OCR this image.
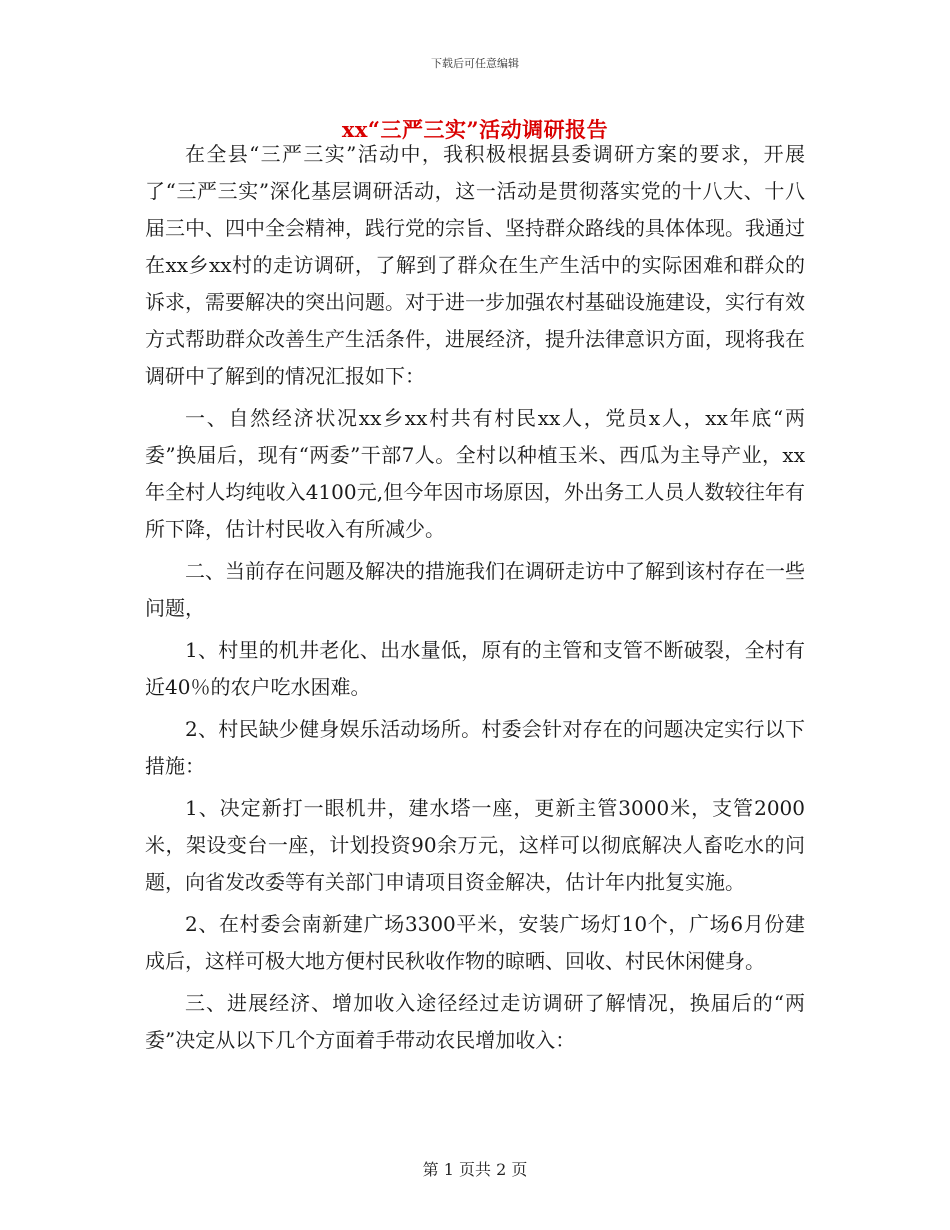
下载后可任意编辑
xx“三严三实”活动调研报告

在全县“三严三实”活动中，我积极根据县委调研方案的要求，开展了“三严三实”深化基层调研活动，这一活动是贯彻落实党的十八大、十八届三中、四中全会精神，践行党的宗旨、坚持群众路线的具体体现。我通过在xx乡xx村的走访调研，了解到了群众在生产生活中的实际困难和群众的诉求，需要解决的突出问题。对于进一步加强农村基础设施建设，实行有效方式帮助群众改善生产生活条件，进展经济，提升法律意识方面，现将我在调研中了解到的情况汇报如下：

一、自然经济状况xx乡xx村共有村民xx人，党员x人，xx年底“两委”换届后，现有“两委”干部7人。全村以种植玉米、西瓜为主导产业，xx年全村人均纯收入4100元,但今年因市场原因，外出务工人员人数较往年有所下降，估计村民收入有所减少。

二、当前存在问题及解决的措施我们在调研走访中了解到该村存在一些问题，

1、村里的机井老化、出水量低，原有的主管和支管不断破裂，全村有近40％的农户吃水困难。

2、村民缺少健身娱乐活动场所。村委会针对存在的问题决定实行以下措施：

1、决定新打一眼机井，建水塔一座，更新主管3000米，支管2000米，架设变台一座，计划投资90余万元，这样可以彻底解决人畜吃水的问题，向省发改委等有关部门申请项目资金解决，估计年内批复实施。

2、在村委会南新建广场3300平米，安装广场灯10个，广场6月份建成后，这样可极大地方便村民秋收作物的晾晒、回收、村民休闲健身。

三、进展经济、增加收入途径经过走访调研了解情况，换届后的“两委”决定从以下几个方面着手带动农民增加收入：

第 1 页共 2 页
